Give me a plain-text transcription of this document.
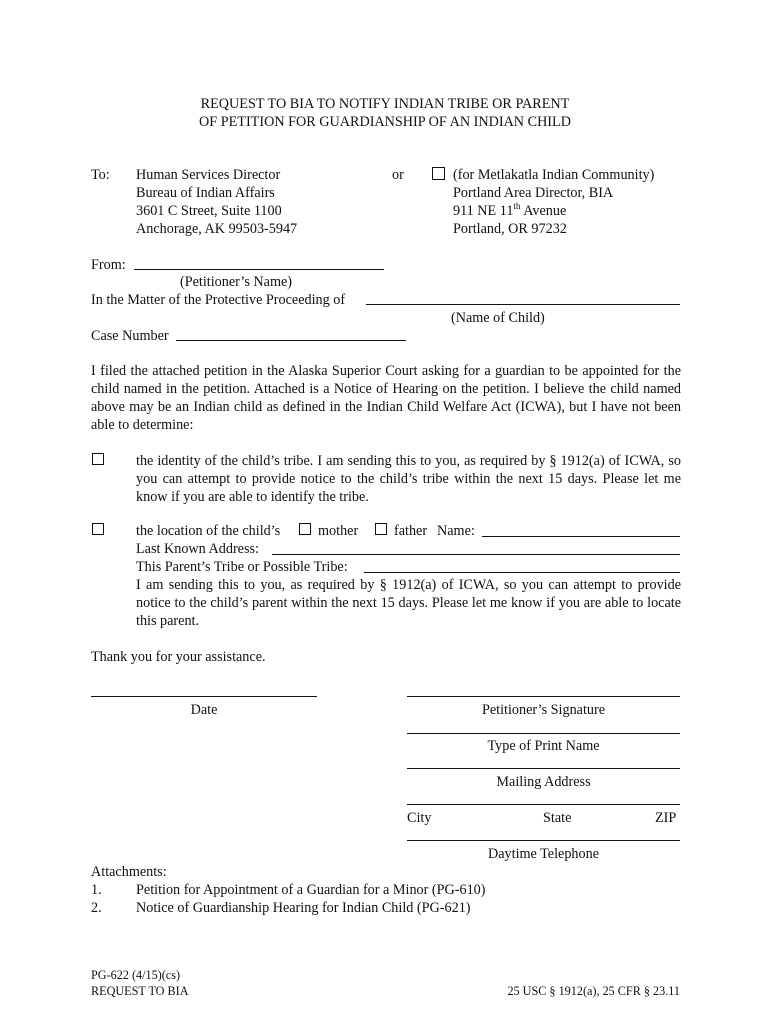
REQUEST TO BIA TO NOTIFY INDIAN TRIBE OR PARENT
OF PETITION FOR GUARDIANSHIP OF AN INDIAN CHILD
To: Human Services Director
Bureau of Indian Affairs
3601 C Street, Suite 1100
Anchorage, AK 99503-5947
or	(for Metlakatla Indian Community)
Portland Area Director, BIA
911 NE 11th Avenue
Portland, OR 97232
From:
(Petitioner’s Name)
In the Matter of the Protective Proceeding of
(Name of Child)
Case Number
I filed the attached petition in the Alaska Superior Court asking for a guardian to be appointed for the child named in the petition. Attached is a Notice of Hearing on the petition. I believe the child named above may be an Indian child as defined in the Indian Child Welfare Act (ICWA), but I have not been able to determine:
the identity of the child’s tribe. I am sending this to you, as required by § 1912(a) of ICWA, so you can attempt to provide notice to the child’s tribe within the next 15 days. Please let me know if you are able to identify the tribe.
the location of the child’s	mother	father Name:
Last Known Address:
This Parent’s Tribe or Possible Tribe:
I am sending this to you, as required by § 1912(a) of ICWA, so you can attempt to provide notice to the child’s parent within the next 15 days. Please let me know if you are able to locate this parent.
Thank you for your assistance.
Date	Petitioner’s Signature
Type of Print Name
Mailing Address
City	State	ZIP
Daytime Telephone
Attachments:
1. Petition for Appointment of a Guardian for a Minor (PG-610)
2. Notice of Guardianship Hearing for Indian Child (PG-621)
PG-622 (4/15)(cs)
REQUEST TO BIA	25 USC § 1912(a), 25 CFR § 23.11
